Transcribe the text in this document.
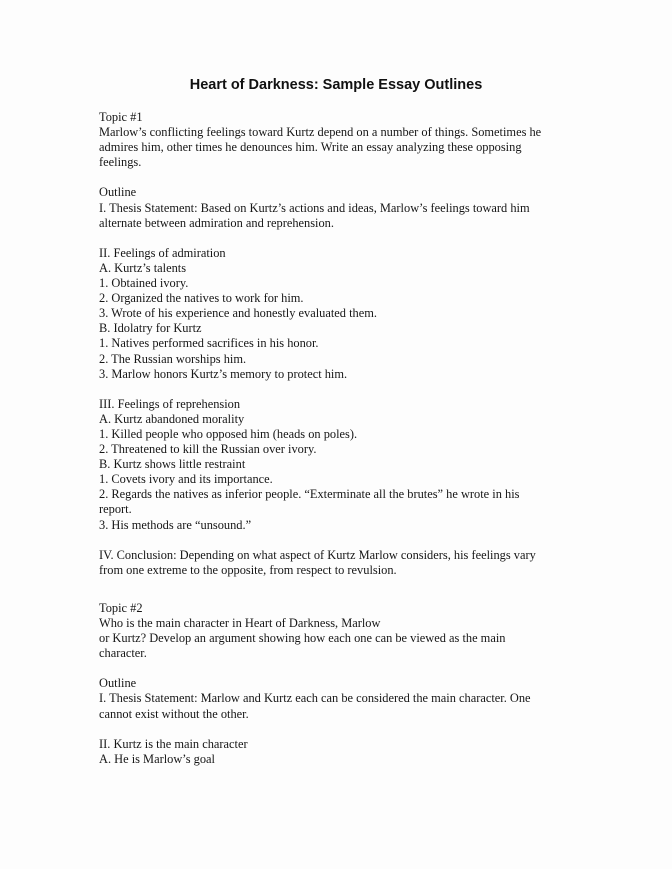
Heart of Darkness: Sample Essay Outlines
Topic #1
Marlow’s conflicting feelings toward Kurtz depend on a number of things. Sometimes he
admires him, other times he denounces him. Write an essay analyzing these opposing
feelings.
Outline
I. Thesis Statement: Based on Kurtz’s actions and ideas, Marlow’s feelings toward him
alternate between admiration and reprehension.
II. Feelings of admiration
A. Kurtz’s talents
1. Obtained ivory.
2. Organized the natives to work for him.
3. Wrote of his experience and honestly evaluated them.
B. Idolatry for Kurtz
1. Natives performed sacrifices in his honor.
2. The Russian worships him.
3. Marlow honors Kurtz’s memory to protect him.
III. Feelings of reprehension
A. Kurtz abandoned morality
1. Killed people who opposed him (heads on poles).
2. Threatened to kill the Russian over ivory.
B. Kurtz shows little restraint
1. Covets ivory and its importance.
2. Regards the natives as inferior people. “Exterminate all the brutes” he wrote in his
report.
3. His methods are “unsound.”
IV. Conclusion: Depending on what aspect of Kurtz Marlow considers, his feelings vary
from one extreme to the opposite, from respect to revulsion.
Topic #2
Who is the main character in Heart of Darkness, Marlow
or Kurtz? Develop an argument showing how each one can be viewed as the main
character.
Outline
I. Thesis Statement: Marlow and Kurtz each can be considered the main character. One
cannot exist without the other.
II. Kurtz is the main character
A. He is Marlow’s goal
